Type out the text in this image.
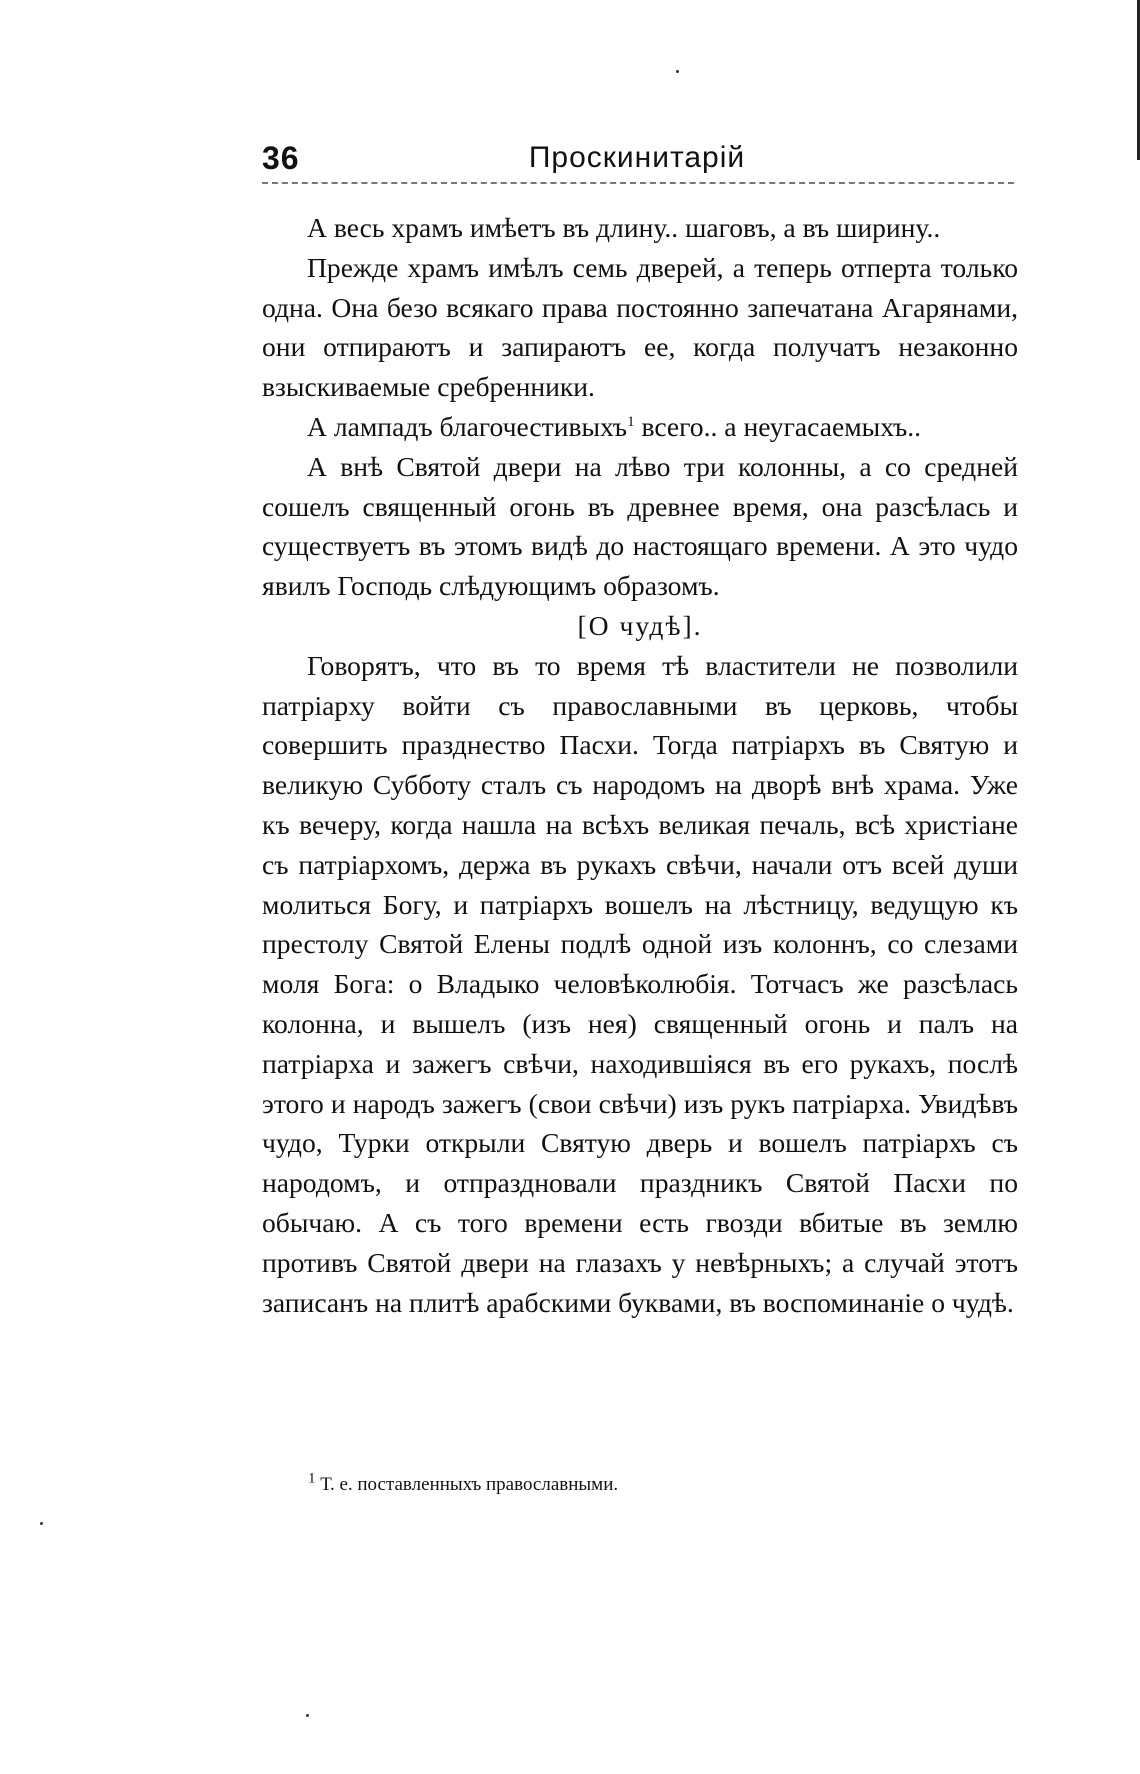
36	Проскинитарій

А весь храмъ имѣетъ въ длину.. шаговъ, а въ ширину..

Прежде храмъ имѣлъ семь дверей, а теперь отперта только одна. Она безо всякаго права постоянно запечатана Агарянами, они отпираютъ и запираютъ ее, когда получатъ незаконно взыскиваемые сребренники.

А лампадъ благочестивыхъ$^1$ всего.. а неугасаемыхъ..

А внѣ Святой двери на лѣво три колонны, а со средней сошелъ священный огонь въ древнее время, она разсѣлась и существуетъ въ этомъ видѣ до настоящаго времени. А это чудо явилъ Господь слѣдующимъ образомъ.

[О чудѣ].

Говорятъ, что въ то время тѣ властители не позволили патріарху войти съ православными въ церковь, чтобы совершить празднество Пасхи. Тогда патріархъ въ Святую и великую Субботу сталъ съ народомъ на дворѣ внѣ храма. Уже къ вечеру, когда нашла на всѣхъ великая печаль, всѣ христіане съ патріархомъ, держа въ рукахъ свѣчи, начали отъ всей души молиться Богу, и патріархъ вошелъ на лѣстницу, ведущую къ престолу Святой Елены подлѣ одной изъ колоннъ, со слезами моля Бога: о Владыко человѣколюбія. Тотчасъ же разсѣлась колонна, и вышелъ (изъ нея) священный огонь и палъ на патріарха и зажегъ свѣчи, находившіяся въ его рукахъ, послѣ этого и народъ зажегъ (свои свѣчи) изъ рукъ патріарха. Увидѣвъ чудо, Турки открыли Святую дверь и вошелъ патріархъ съ народомъ, и отпраздновали праздникъ Святой Пасхи по обычаю. А съ того времени есть гвозди вбитые въ землю противъ Святой двери на глазахъ у невѣрныхъ; а случай этотъ записанъ на плитѣ арабскими буквами, въ воспоминаніе о чудѣ.

$^1$ Т. е. поставленныхъ православными.
